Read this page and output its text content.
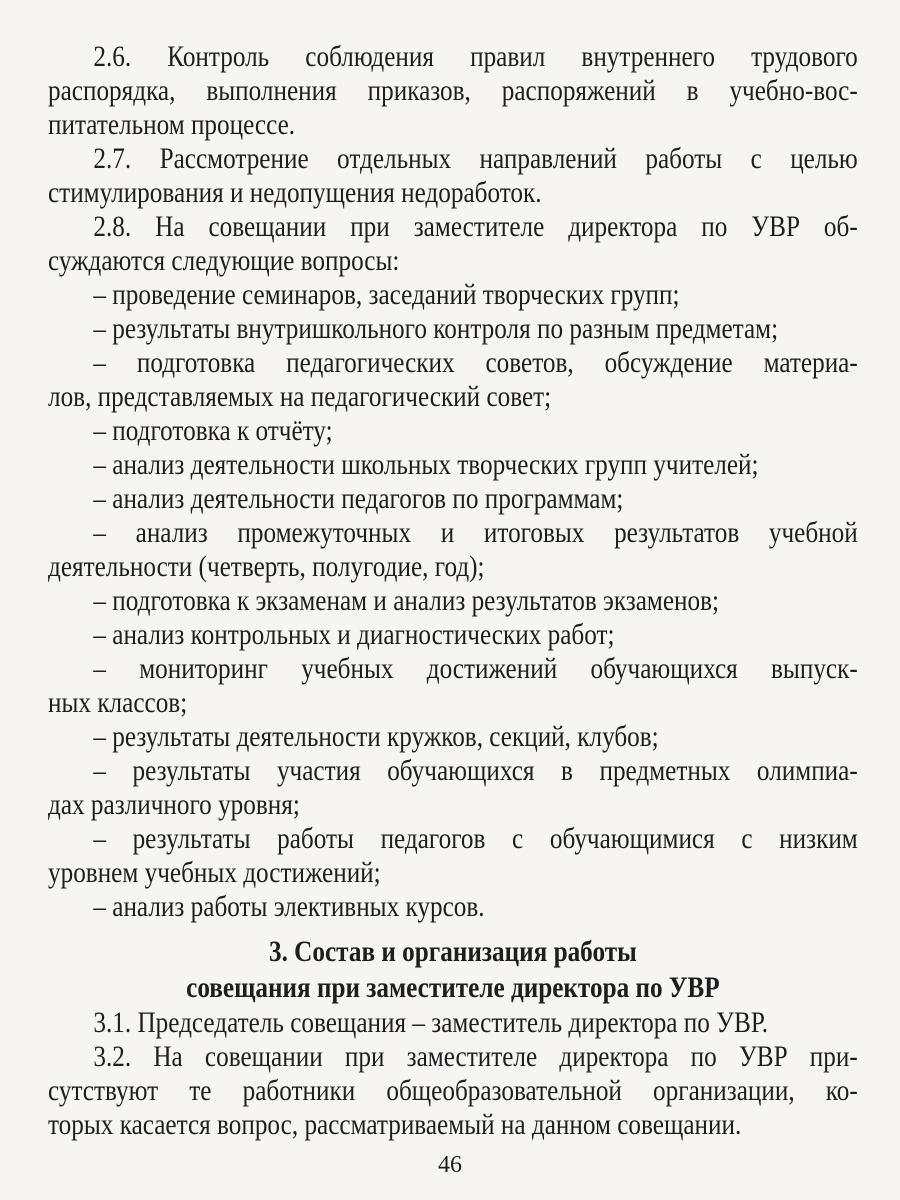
2.6. Контроль соблюдения правил внутреннего трудового
распорядка, выполнения приказов, распоряжений в учебно-вос-
питательном процессе.
2.7. Рассмотрение отдельных направлений работы с целью
стимулирования и недопущения недоработок.
2.8. На совещании при заместителе директора по УВР об-
суждаются следующие вопросы:
– проведение семинаров, заседаний творческих групп;
– результаты внутришкольного контроля по разным предметам;
– подготовка педагогических советов, обсуждение материа-
лов, представляемых на педагогический совет;
– подготовка к отчёту;
– анализ деятельности школьных творческих групп учителей;
– анализ деятельности педагогов по программам;
– анализ промежуточных и итоговых результатов учебной
деятельности (четверть, полугодие, год);
– подготовка к экзаменам и анализ результатов экзаменов;
– анализ контрольных и диагностических работ;
– мониторинг учебных достижений обучающихся выпуск-
ных классов;
– результаты деятельности кружков, секций, клубов;
– результаты участия обучающихся в предметных олимпиа-
дах различного уровня;
– результаты работы педагогов с обучающимися с низким
уровнем учебных достижений;
– анализ работы элективных курсов.
3. Состав и организация работы
совещания при заместителе директора по УВР
3.1. Председатель совещания – заместитель директора по УВР.
3.2. На совещании при заместителе директора по УВР при-
сутствуют те работники общеобразовательной организации, ко-
торых касается вопрос, рассматриваемый на данном совещании.
46
